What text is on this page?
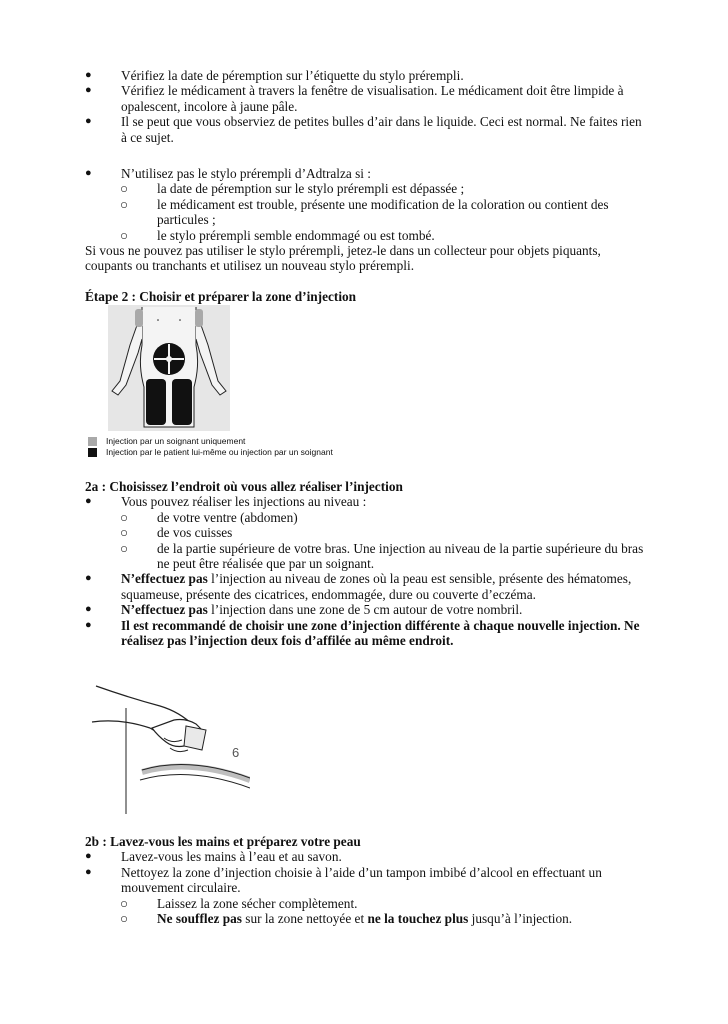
● Vérifiez la date de péremption sur l’étiquette du stylo prérempli.
● Vérifiez le médicament à travers la fenêtre de visualisation. Le médicament doit être limpide à opalescent, incolore à jaune pâle.
● Il se peut que vous observiez de petites bulles d’air dans le liquide. Ceci est normal. Ne faites rien à ce sujet.
● N’utilisez pas le stylo prérempli d’Adtralza si :
○ la date de péremption sur le stylo prérempli est dépassée ;
○ le médicament est trouble, présente une modification de la coloration ou contient des particules ;
○ le stylo prérempli semble endommagé ou est tombé.
Si vous ne pouvez pas utiliser le stylo prérempli, jetez-le dans un collecteur pour objets piquants, coupants ou tranchants et utilisez un nouveau stylo prérempli.
Étape 2 : Choisir et préparer la zone d’injection
Injection par un soignant uniquement
Injection par le patient lui-même ou injection par un soignant
2a : Choisissez l’endroit où vous allez réaliser l’injection
● Vous pouvez réaliser les injections au niveau :
○ de votre ventre (abdomen)
○ de vos cuisses
○ de la partie supérieure de votre bras. Une injection au niveau de la partie supérieure du bras ne peut être réalisée que par un soignant.
● N’effectuez pas l’injection au niveau de zones où la peau est sensible, présente des hématomes, squameuse, présente des cicatrices, endommagée, dure ou couverte d’eczéma.
● N’effectuez pas l’injection dans une zone de 5 cm autour de votre nombril.
● Il est recommandé de choisir une zone d’injection différente à chaque nouvelle injection. Ne réalisez pas l’injection deux fois d’affilée au même endroit.
6
2b : Lavez-vous les mains et préparez votre peau
● Lavez-vous les mains à l’eau et au savon.
● Nettoyez la zone d’injection choisie à l’aide d’un tampon imbibé d’alcool en effectuant un mouvement circulaire.
○ Laissez la zone sécher complètement.
○ Ne soufflez pas sur la zone nettoyée et ne la touchez plus jusqu’à l’injection.
